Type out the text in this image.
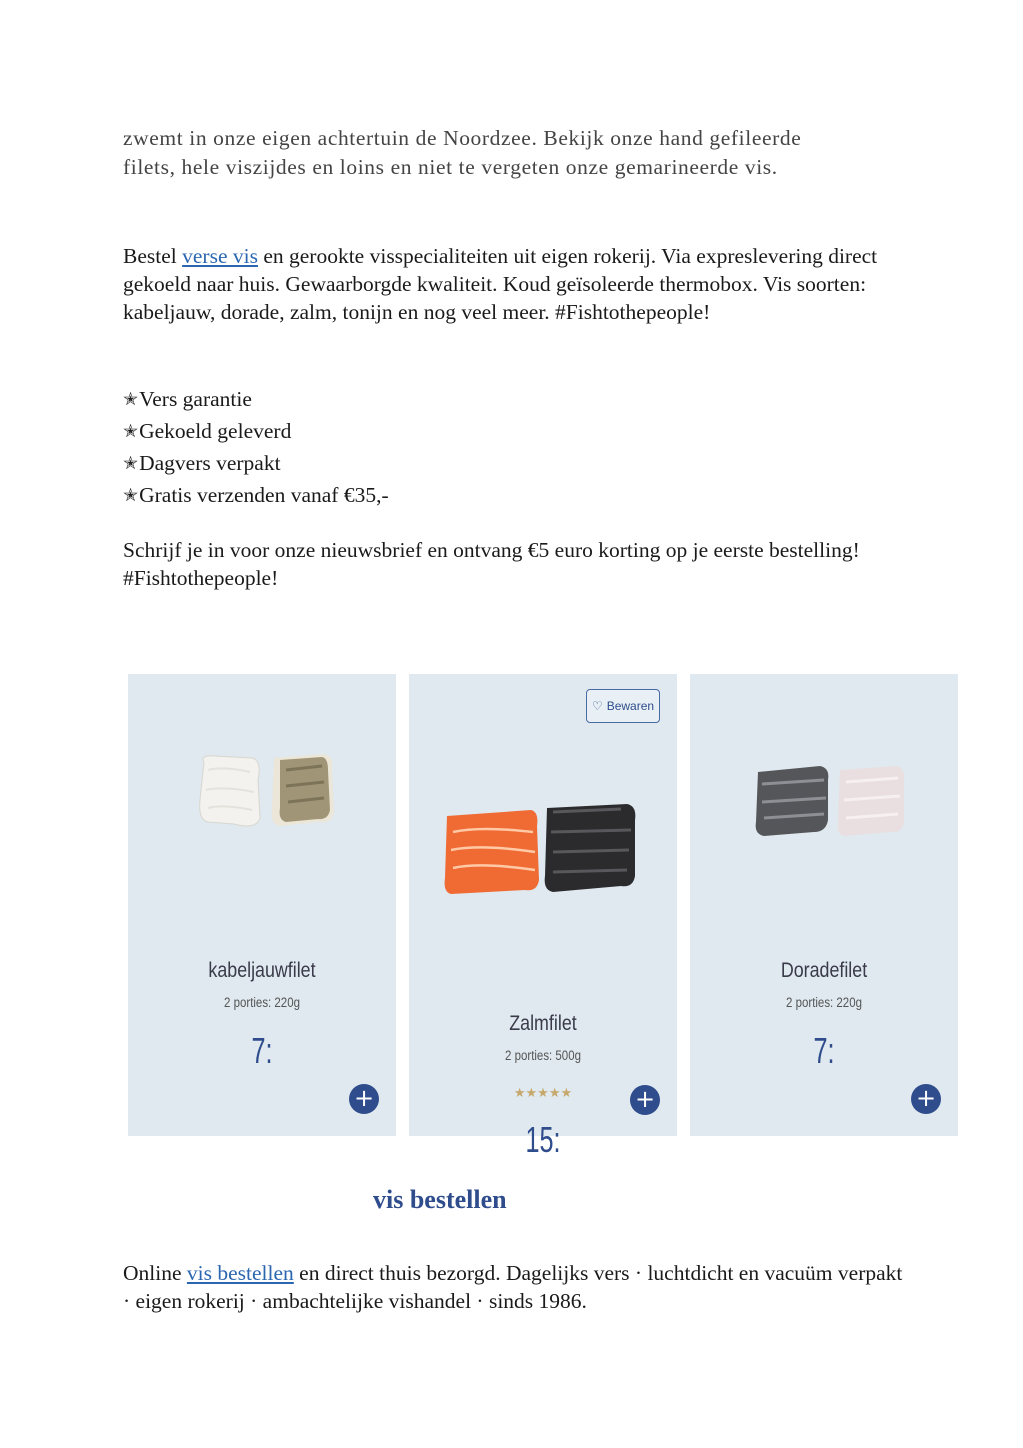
zwemt in onze eigen achtertuin de Noordzee. Bekijk onze hand gefileerde
filets, hele viszijdes en loins en niet te vergeten onze gemarineerde vis.

Bestel verse vis en gerookte visspecialiteiten uit eigen rokerij. Via expreslevering direct gekoeld naar huis. Gewaarborgde kwaliteit. Koud geïsoleerde thermobox. Vis soorten: kabeljauw, dorade, zalm, tonijn en nog veel meer. #Fishtothepeople!

✭ Vers garantie
✭ Gekoeld geleverd
✭ Dagvers verpakt
✭ Gratis verzenden vanaf €35,-

Schrijf je in voor onze nieuwsbrief en ontvang €5 euro korting op je eerste bestelling! #Fishtothepeople!

kabeljauwfilet
2 porties: 220g
7:
+
♡ Bewaren
Zalmfilet
2 porties: 500g
★★★★★
15:
+
Doradefilet
2 porties: 220g
7:
+
vis bestellen

Online vis bestellen en direct thuis bezorgd. Dagelijks vers · luchtdicht en vacuüm verpakt · eigen rokerij · ambachtelijke vishandel · sinds 1986.
